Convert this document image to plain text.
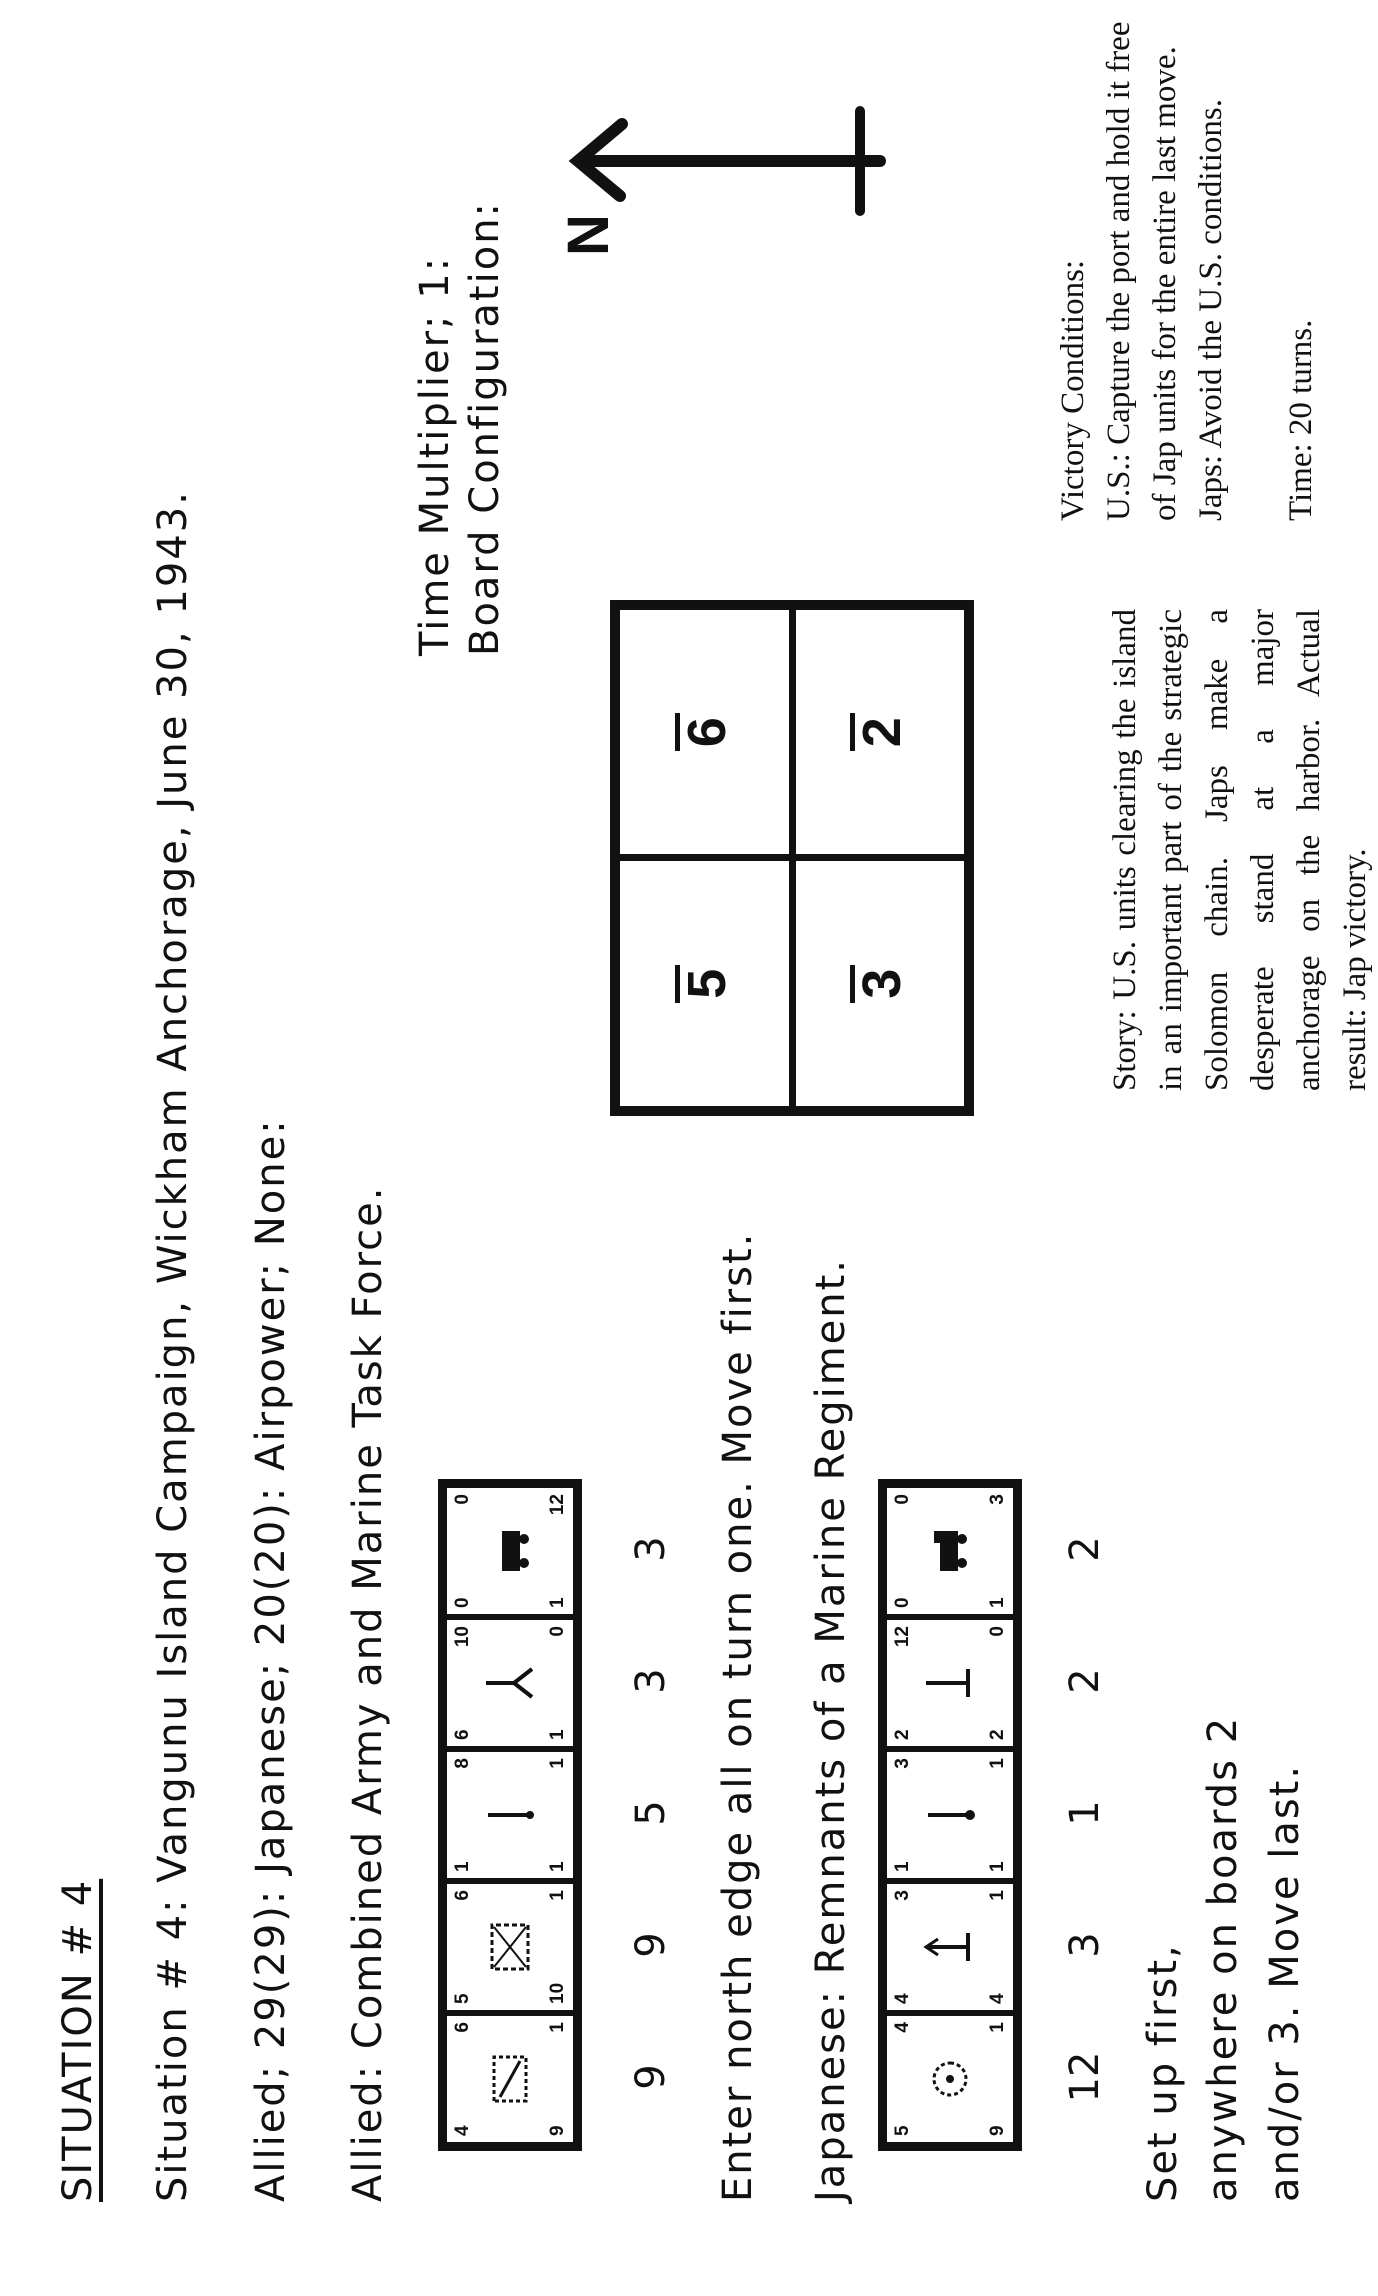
SITUATION # 4 Situation # 4: Vangunu Island Campaign, Wickham Anchorage, June 30, 1943. Allied; 29(29): Japanese; 20(20): Airpower; None: Allied: Combined Army and Marine Task Force.
Time Multiplier; 1: Board Configuration:
4
6
9
1
5
6
10
1
1
8
1
1
6
10
1
0
0
0
1
12
9
9
5
3
3 Enter north edge all on turn one. Move first. Japanese: Remnants of a Marine Regiment. 5
4
9
1
4
3
4
1
1
3
1
1
2
12
2
0
0
0
1
3
12
3
1
2
2
Set up first, anywhere on boards 2 and/or 3. Move last.
Story: U.S. units clearing the island in an important part of the strategic Solomon chain. Japs make a desperate stand at a major anchorage on the harbor. Actual result: Jap victory.
Victory Conditions: U.S.: Capture the port and hold it free of Jap units for the entire last move. Japs: Avoid the U.S. conditions. Time: 20 turns.
5
6
3
2
N
